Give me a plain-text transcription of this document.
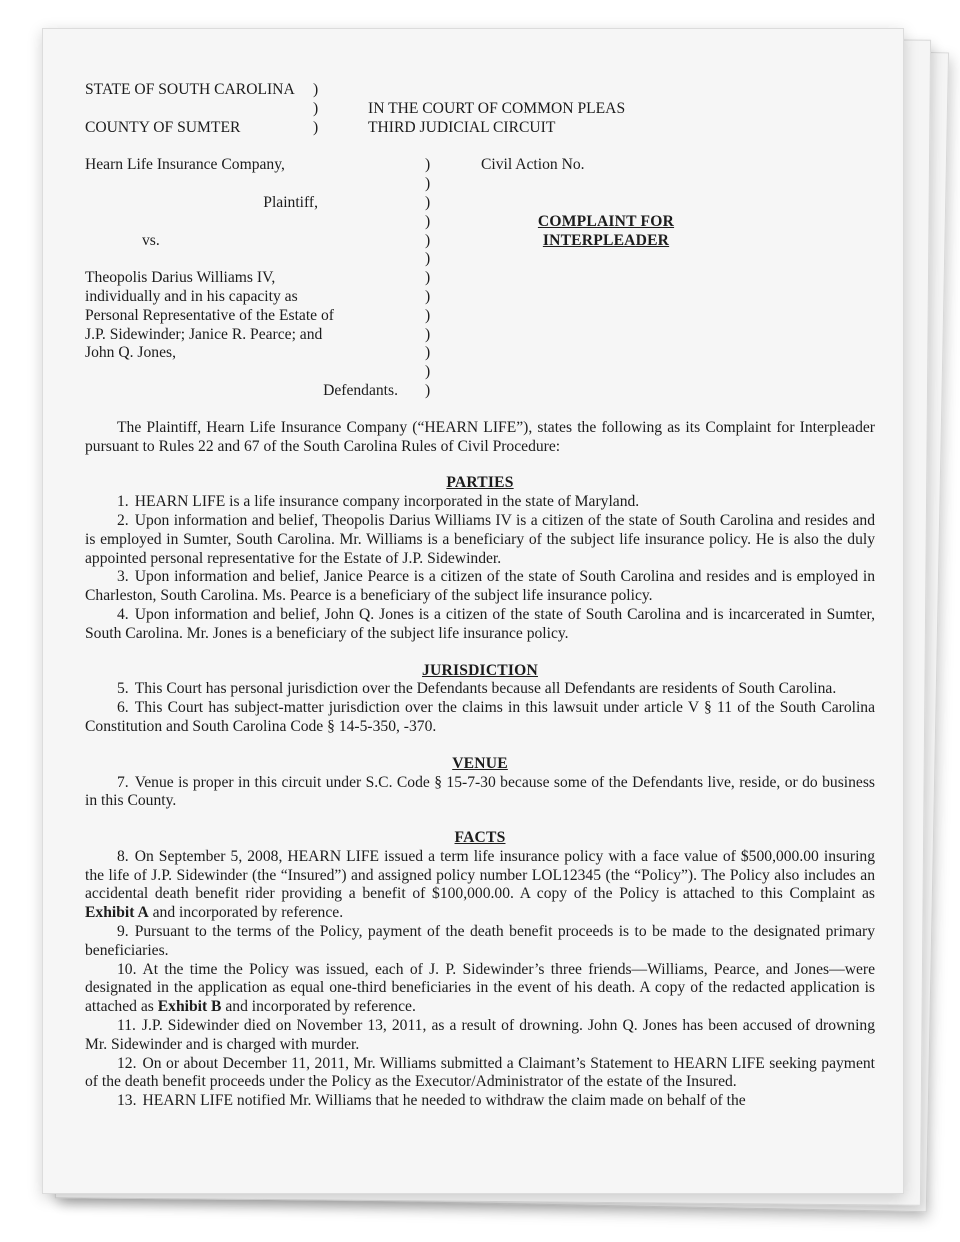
STATE OF SOUTH CAROLINA )
)	IN THE COURT OF COMMON PLEAS
COUNTY OF SUMTER	)	THIRD JUDICIAL CIRCUIT
Hearn Life Insurance Company,	)	Civil Action No.
)
Plaintiff,	)
)	COMPLAINT FOR
vs.	)	INTERPLEADER
)
Theopolis Darius Williams IV,	)
individually and in his capacity as	)
Personal Representative of the Estate of	)
J.P. Sidewinder; Janice R. Pearce; and	)
John Q. Jones,	)
)
Defendants. )

The Plaintiff, Hearn Life Insurance Company (“HEARN LIFE”), states the following as its Complaint for Interpleader pursuant to Rules 22 and 67 of the South Carolina Rules of Civil Procedure:

PARTIES

1. HEARN LIFE is a life insurance company incorporated in the state of Maryland.

2. Upon information and belief, Theopolis Darius Williams IV is a citizen of the state of South Carolina and resides and is employed in Sumter, South Carolina. Mr. Williams is a beneficiary of the subject life insurance policy. He is also the duly appointed personal representative for the Estate of J.P. Sidewinder.

3. Upon information and belief, Janice Pearce is a citizen of the state of South Carolina and resides and is employed in Charleston, South Carolina. Ms. Pearce is a beneficiary of the subject life insurance policy.

4. Upon information and belief, John Q. Jones is a citizen of the state of South Carolina and is incarcerated in Sumter, South Carolina. Mr. Jones is a beneficiary of the subject life insurance policy.

JURISDICTION

5. This Court has personal jurisdiction over the Defendants because all Defendants are residents of South Carolina.

6. This Court has subject-matter jurisdiction over the claims in this lawsuit under article V § 11 of the South Carolina Constitution and South Carolina Code § 14-5-350, -370.

VENUE

7. Venue is proper in this circuit under S.C. Code § 15-7-30 because some of the Defendants live, reside, or do business in this County.

FACTS

8. On September 5, 2008, HEARN LIFE issued a term life insurance policy with a face value of $500,000.00 insuring the life of J.P. Sidewinder (the “Insured”) and assigned policy number LOL12345 (the “Policy”). The Policy also includes an accidental death benefit rider providing a benefit of $100,000.00. A copy of the Policy is attached to this Complaint as Exhibit A and incorporated by reference.

9. Pursuant to the terms of the Policy, payment of the death benefit proceeds is to be made to the designated primary beneficiaries.

10. At the time the Policy was issued, each of J. P. Sidewinder’s three friends—Williams, Pearce, and Jones—were designated in the application as equal one-third beneficiaries in the event of his death. A copy of the redacted application is attached as Exhibit B and incorporated by reference.

11. J.P. Sidewinder died on November 13, 2011, as a result of drowning. John Q. Jones has been accused of drowning Mr. Sidewinder and is charged with murder.

12. On or about December 11, 2011, Mr. Williams submitted a Claimant’s Statement to HEARN LIFE seeking payment of the death benefit proceeds under the Policy as the Executor/Administrator of the estate of the Insured.

13. HEARN LIFE notified Mr. Williams that he needed to withdraw the claim made on behalf of the
